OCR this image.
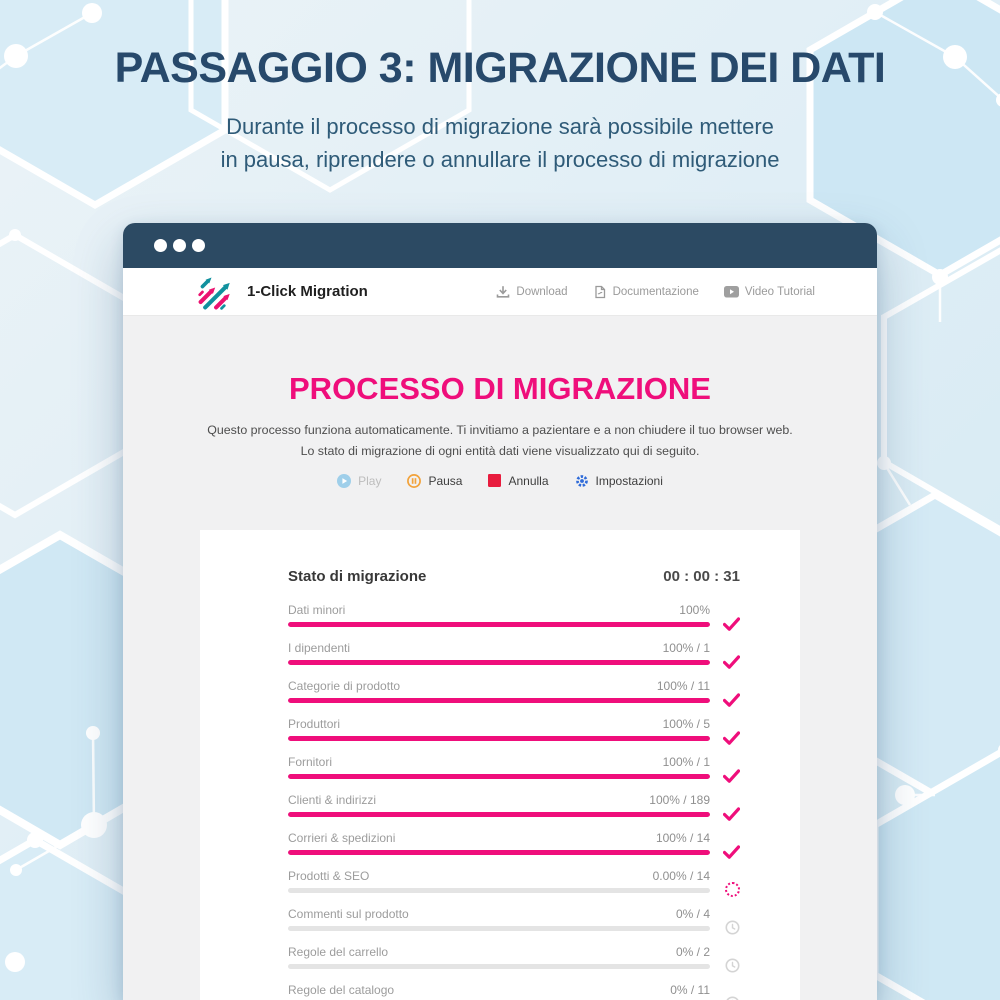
PASSAGGIO 3: MIGRAZIONE DEI DATI
Durante il processo di migrazione sarà possibile mettere
in pausa, riprendere o annullare il processo di migrazione
1-Click Migration	Download	Documentazione	Video Tutorial
PROCESSO DI MIGRAZIONE
Questo processo funziona automaticamente. Ti invitiamo a pazientare e a non chiudere il tuo browser web.
Lo stato di migrazione di ogni entità dati viene visualizzato qui di seguito.
Play	Pausa	Annulla	Impostazioni
Stato di migrazione	00 : 00 : 31
Dati minori	100%
I dipendenti	100% / 1
Categorie di prodotto	100% / 11
Produttori	100% / 5
Fornitori	100% / 1
Clienti & indirizzi	100% / 189
Corrieri & spedizioni	100% / 14
Prodotti & SEO	0.00% / 14
Commenti sul prodotto	0% / 4
Regole del carrello	0% / 2
Regole del catalogo	0% / 11
